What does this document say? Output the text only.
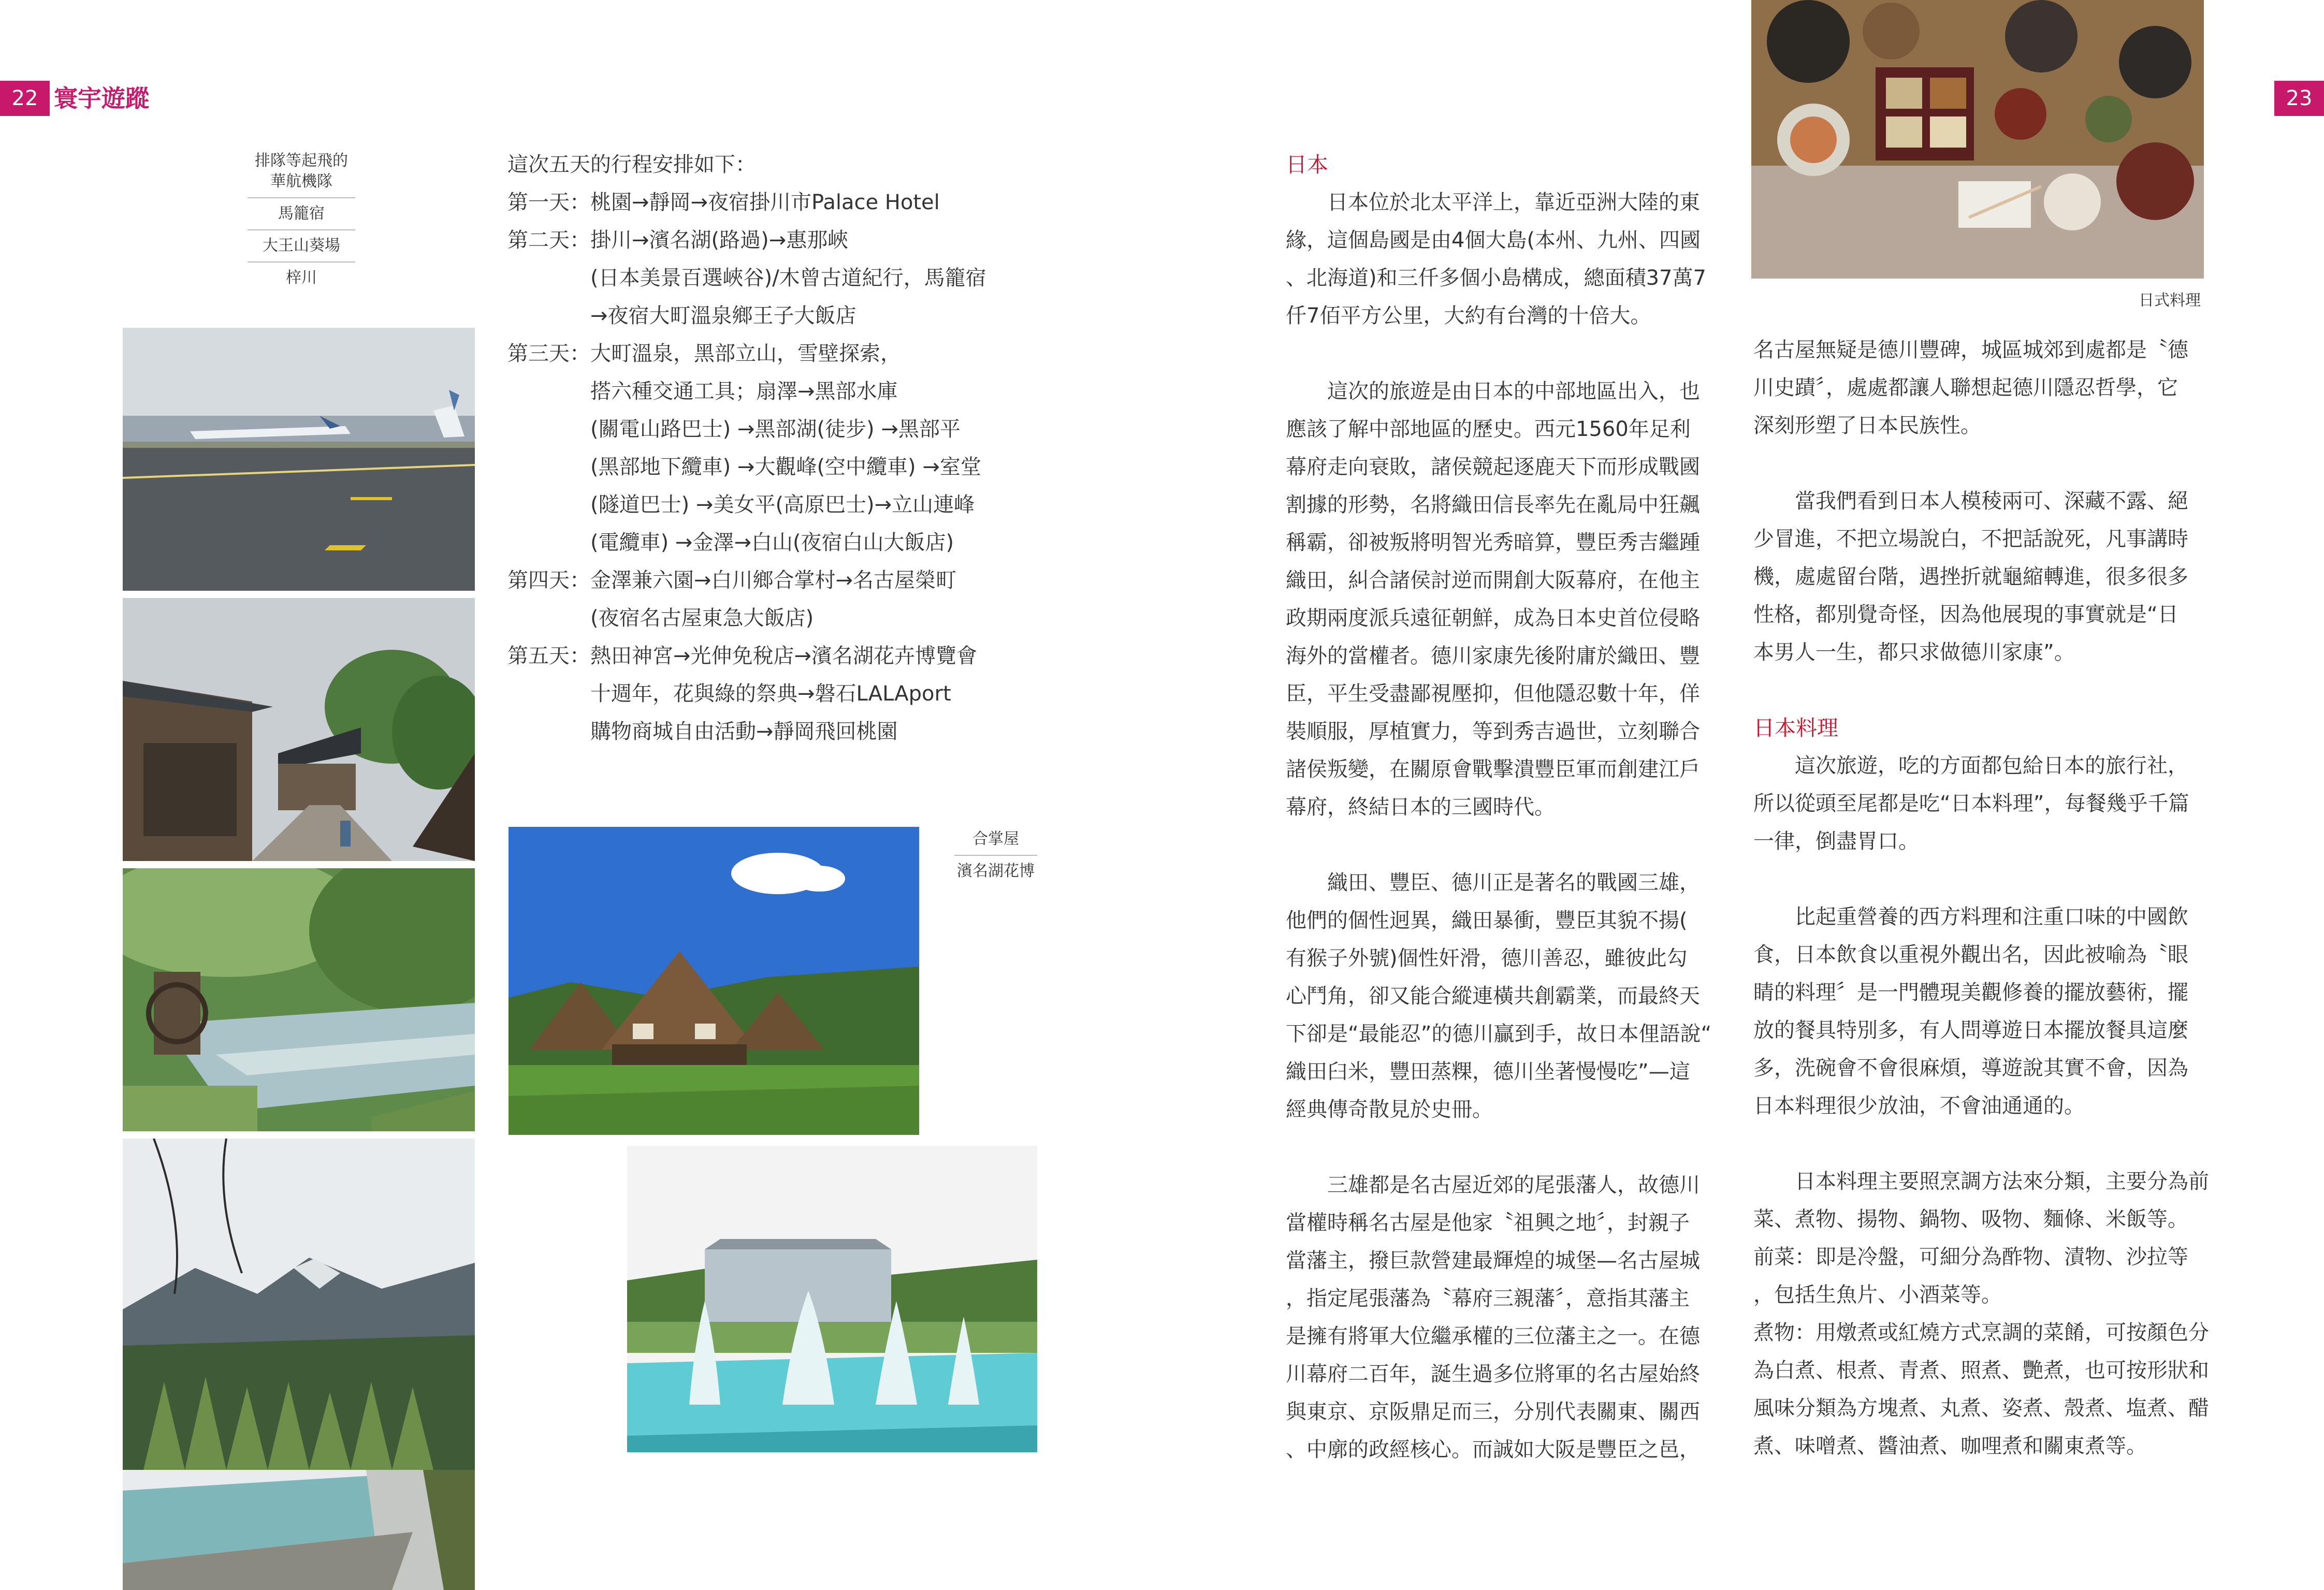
22 寰宇遊蹤	23
排隊等起飛的
華航機隊
馬籠宿
大王山葵場
梓川
這次五天的行程安排如下：
第一天：桃園→靜岡→夜宿掛川市Palace Hotel
第二天：掛川→濱名湖(路過)→惠那峽
　　　　(日本美景百選峽谷)/木曾古道紀行，馬籠宿
　　　　→夜宿大町溫泉鄉王子大飯店
第三天：大町溫泉，黑部立山，雪壁探索，
　　　　搭六種交通工具；扇澤→黑部水庫
　　　　(關電山路巴士) →黑部湖(徒步) →黑部平
　　　　(黑部地下纜車) →大觀峰(空中纜車) →室堂
　　　　(隧道巴士) →美女平(高原巴士)→立山連峰
　　　　(電纜車) →金澤→白山(夜宿白山大飯店)
第四天：金澤兼六園→白川鄉合掌村→名古屋榮町
　　　　(夜宿名古屋東急大飯店)
第五天：熱田神宮→光伸免稅店→濱名湖花卉博覽會
　　　　十週年，花與綠的祭典→磐石LALAport
　　　　購物商城自由活動→靜岡飛回桃園
合掌屋
濱名湖花博
日本
日本位於北太平洋上，靠近亞洲大陸的東
緣，這個島國是由4個大島(本州、九州、四國
、北海道)和三仟多個小島構成，總面積37萬7
仟7佰平方公里，大約有台灣的十倍大。
這次的旅遊是由日本的中部地區出入，也
應該了解中部地區的歷史。西元1560年足利
幕府走向衰敗，諸侯競起逐鹿天下而形成戰國
割據的形勢，名將織田信長率先在亂局中狂飆
稱霸，卻被叛將明智光秀暗算，豐臣秀吉繼踵
織田，糾合諸侯討逆而開創大阪幕府，在他主
政期兩度派兵遠征朝鮮，成為日本史首位侵略
海外的當權者。德川家康先後附庸於織田、豐
臣，平生受盡鄙視壓抑，但他隱忍數十年，佯
裝順服，厚植實力，等到秀吉過世，立刻聯合
諸侯叛變，在關原會戰擊潰豐臣軍而創建江戶
幕府，終結日本的三國時代。
織田、豐臣、德川正是著名的戰國三雄，
他們的個性迥異，織田暴衝，豐臣其貌不揚(
有猴子外號)個性奸滑，德川善忍，雖彼此勾
心鬥角，卻又能合縱連橫共創霸業，而最終天
下卻是“最能忍”的德川贏到手，故日本俚語說“
織田臼米，豐田蒸粿，德川坐著慢慢吃”—這
經典傳奇散見於史冊。
三雄都是名古屋近郊的尾張藩人，故德川
當權時稱名古屋是他家〝祖興之地〞，封親子
當藩主，撥巨款營建最輝煌的城堡—名古屋城
，指定尾張藩為〝幕府三親藩〞，意指其藩主
是擁有將軍大位繼承權的三位藩主之一。在德
川幕府二百年，誕生過多位將軍的名古屋始終
與東京、京阪鼎足而三，分別代表關東、關西
、中廓的政經核心。而誠如大阪是豐臣之邑，
日式料理
名古屋無疑是德川豐碑，城區城郊到處都是〝德
川史蹟〞，處處都讓人聯想起德川隱忍哲學，它
深刻形塑了日本民族性。
當我們看到日本人模稜兩可、深藏不露、絕
少冒進，不把立場說白，不把話說死，凡事講時
機，處處留台階，遇挫折就龜縮轉進，很多很多
性格，都別覺奇怪，因為他展現的事實就是“日
本男人一生，都只求做德川家康”。
日本料理
這次旅遊，吃的方面都包給日本的旅行社，
所以從頭至尾都是吃“日本料理”，每餐幾乎千篇
一律，倒盡胃口。
比起重營養的西方料理和注重口味的中國飲
食，日本飲食以重視外觀出名，因此被喻為〝眼
睛的料理〞是一門體現美觀修養的擺放藝術，擺
放的餐具特別多，有人問導遊日本擺放餐具這麼
多，洗碗會不會很麻煩，導遊說其實不會，因為
日本料理很少放油，不會油通通的。
日本料理主要照烹調方法來分類，主要分為前
菜、煮物、揚物、鍋物、吸物、麵條、米飯等。
前菜：即是冷盤，可細分為酢物、漬物、沙拉等
，包括生魚片、小酒菜等。
煮物：用燉煮或紅燒方式烹調的菜餚，可按顏色分
為白煮、根煮、青煮、照煮、艷煮，也可按形狀和
風味分類為方塊煮、丸煮、姿煮、殼煮、塩煮、醋
煮、味噌煮、醬油煮、咖哩煮和關東煮等。
